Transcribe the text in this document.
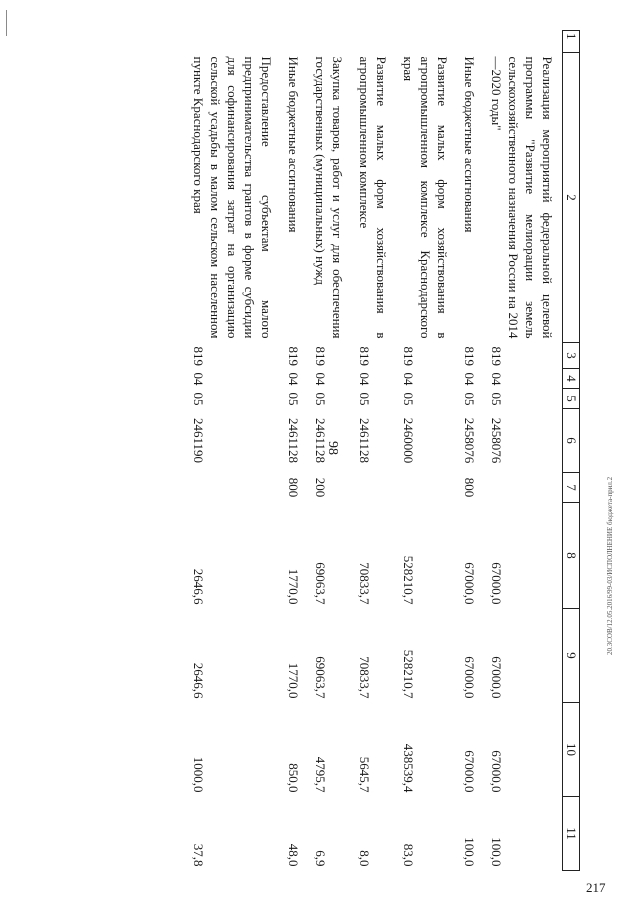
98
1	2	3	4	5	6	7	8	9	10	11
	Реализация мероприятий федеральной целевой программы "Развитие мелиорации земель сельскохозяйственного назначения России на 2014—2020 годы"	819	04	05	2458076		67000,0	67000,0	67000,0	100,0
	Иные бюджетные ассигнования	819	04	05	2458076	800	67000,0	67000,0	67000,0	100,0
	Развитие малых форм хозяйствования в агропромышленном комплексе Краснодарского края	819	04	05	2460000		528210,7	528210,7	438539,4	83,0
	Развитие малых форм хозяйствования в агропромышленном комплексе	819	04	05	2461128		70833,7	70833,7	5645,7	8,0
	Закупка товаров, работ и услуг для обеспечения государственных (муниципальных) нужд	819	04	05	2461128	200	69063,7	69063,7	4795,7	6,9
	Иные бюджетные ассигнования	819	04	05	2461128	800	1770,0	1770,0	850,0	48,0
	Предоставление субъектам малого предпринимательства грантов в форме субсидии для софинансирования затрат на организацию сельской усадьбы в малом сельском населенном пункте Краснодарского края	819	04	05	2461190		2646,6	2646,6	1000,0	37,8
20.3СОВ/12.05.2016/99-03/ИСПОЛНЕНИЕ бюджета-прил.2
217
